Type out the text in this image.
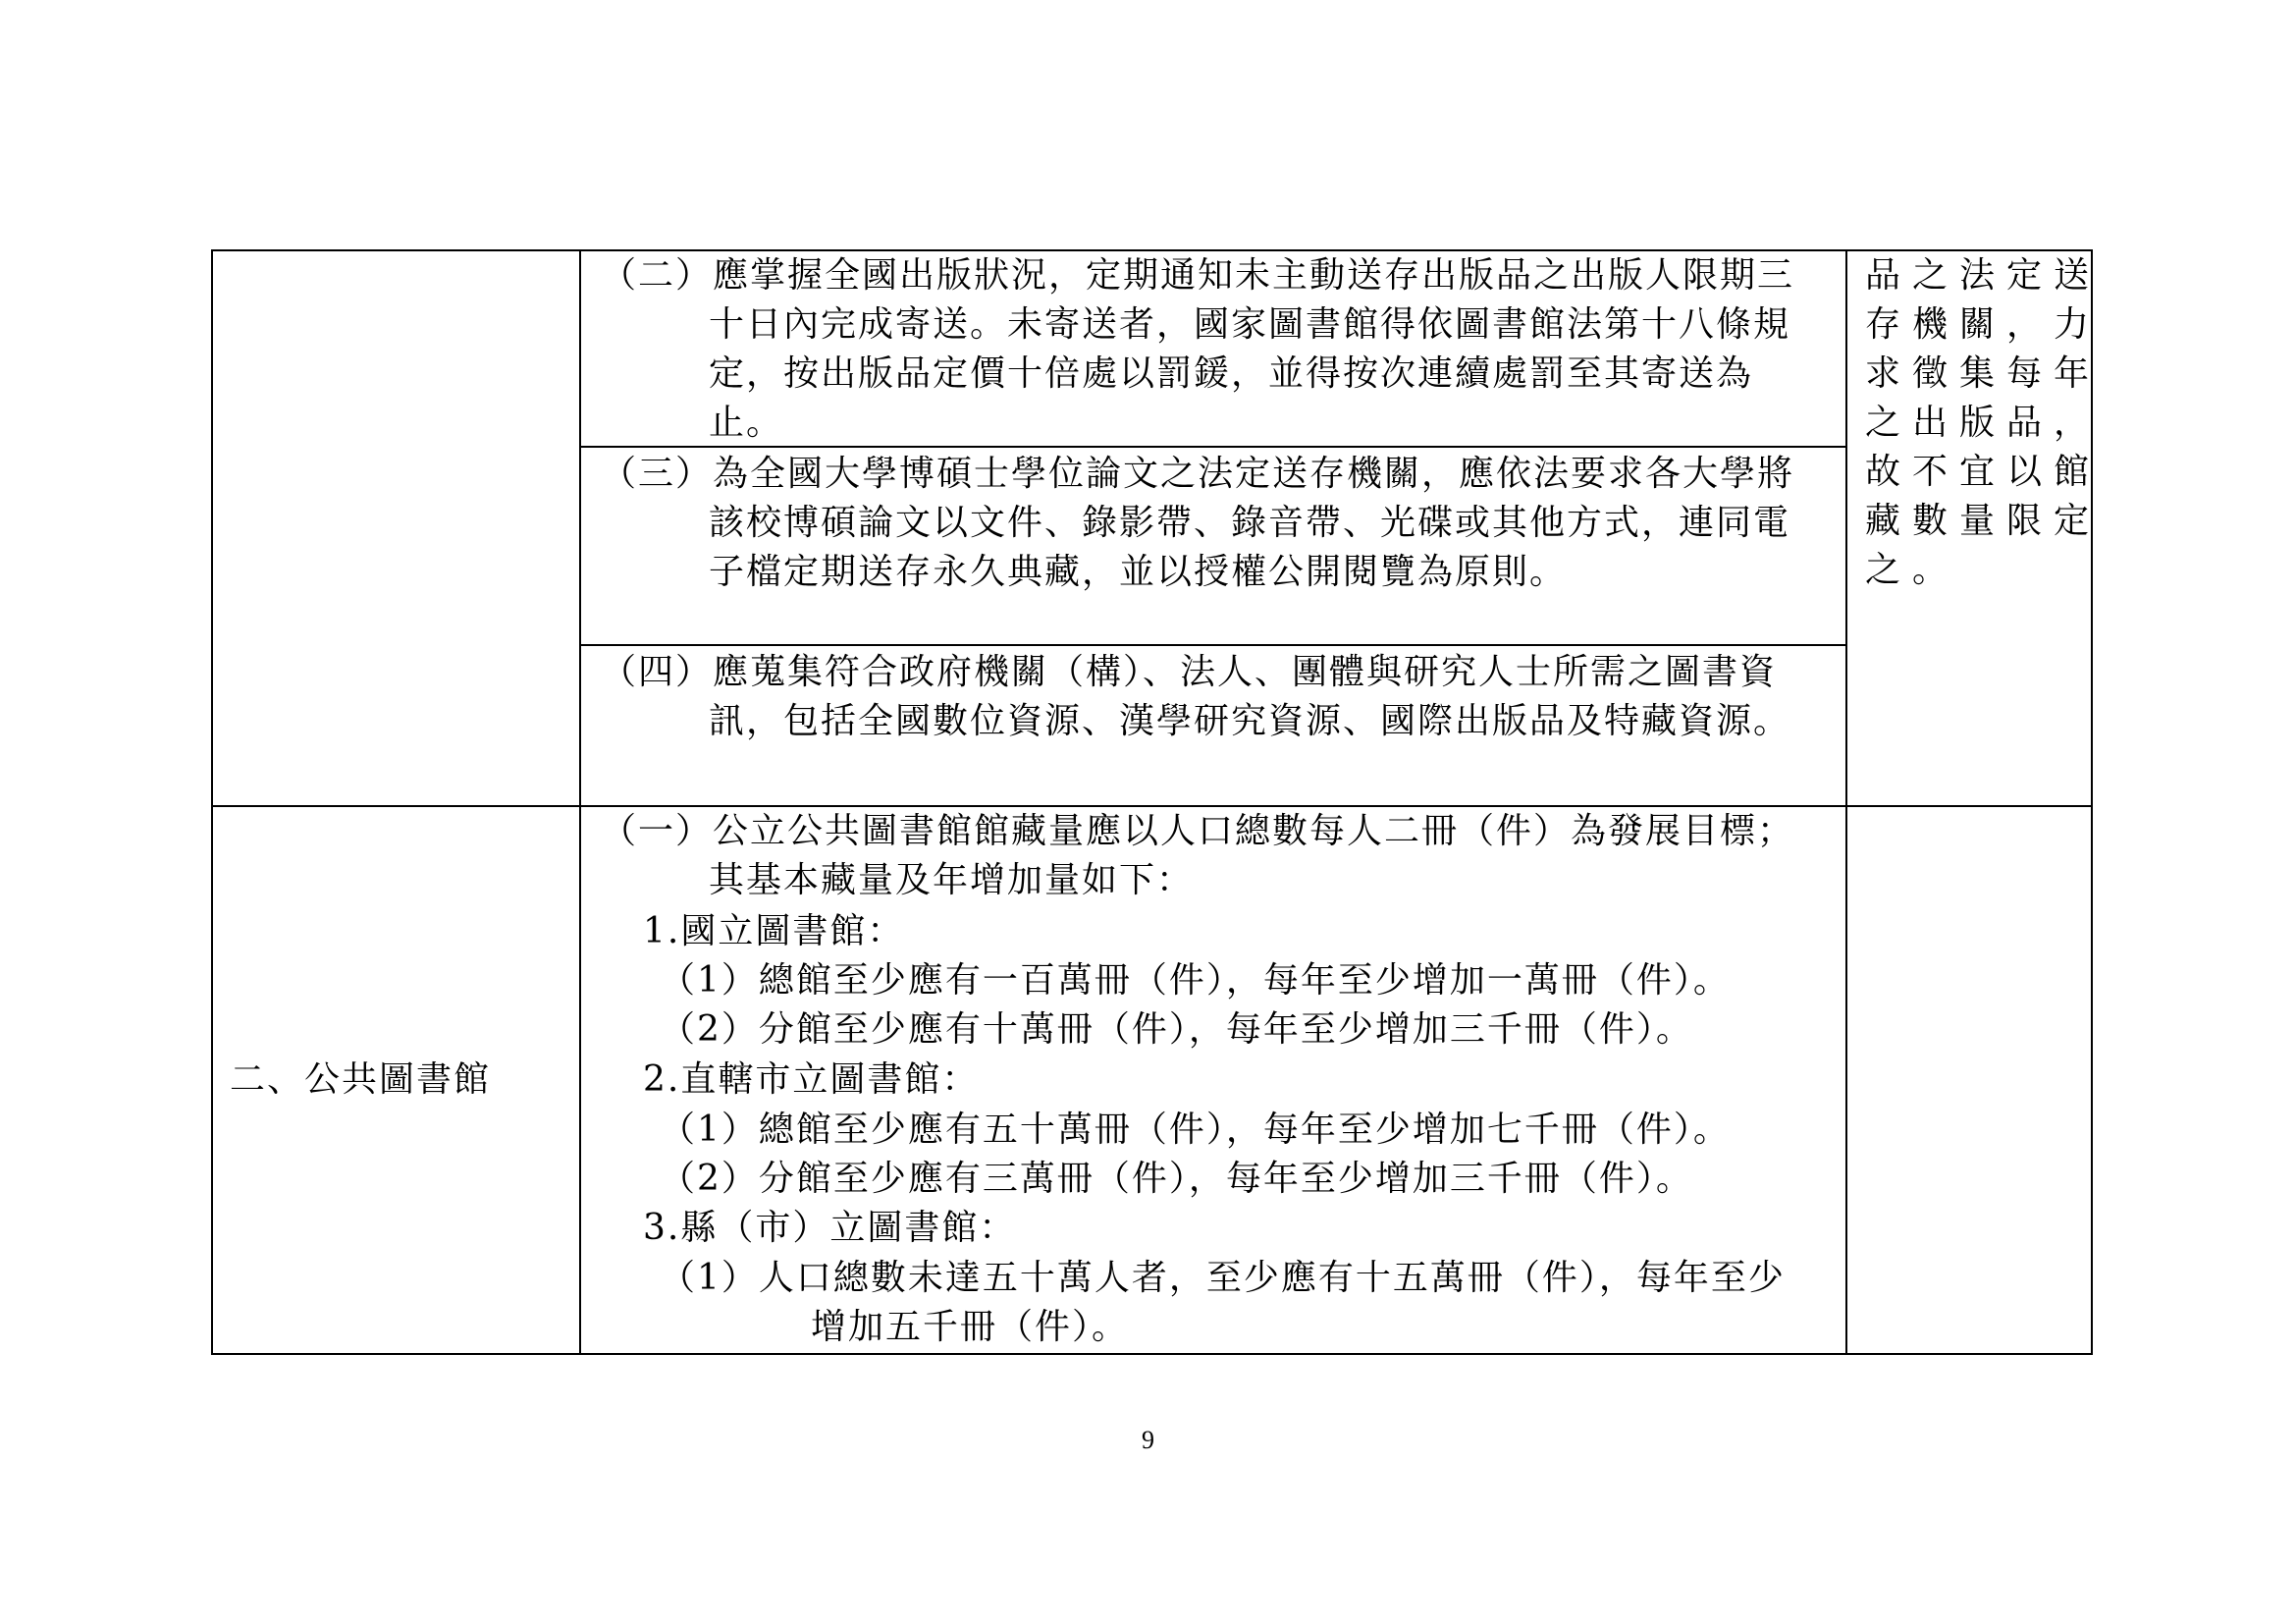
（二）應掌握全國出版狀況，定期通知未主動送存出版品之出版人限期三
十日內完成寄送。未寄送者，國家圖書館得依圖書館法第十八條規
定，按出版品定價十倍處以罰鍰，並得按次連續處罰至其寄送為
止。
（三）為全國大學博碩士學位論文之法定送存機關，應依法要求各大學將
該校博碩論文以文件、錄影帶、錄音帶、光碟或其他方式，連同電
子檔定期送存永久典藏，並以授權公開閱覽為原則。
（四）應蒐集符合政府機關（構）、法人、團體與研究人士所需之圖書資
訊，包括全國數位資源、漢學研究資源、國際出版品及特藏資源。
品之法定送
存機關，力
求徵集每年
之出版品，
故不宜以館
藏數量限定
之。
二、公共圖書館
（一）公立公共圖書館館藏量應以人口總數每人二冊（件）為發展目標；
其基本藏量及年增加量如下：
1.國立圖書館：
（1）總館至少應有一百萬冊（件），每年至少增加一萬冊（件）。
（2）分館至少應有十萬冊（件），每年至少增加三千冊（件）。
2.直轄市立圖書館：
（1）總館至少應有五十萬冊（件），每年至少增加七千冊（件）。
（2）分館至少應有三萬冊（件），每年至少增加三千冊（件）。
3.縣（市）立圖書館：
（1）人口總數未達五十萬人者，至少應有十五萬冊（件），每年至少
增加五千冊（件）。
9
